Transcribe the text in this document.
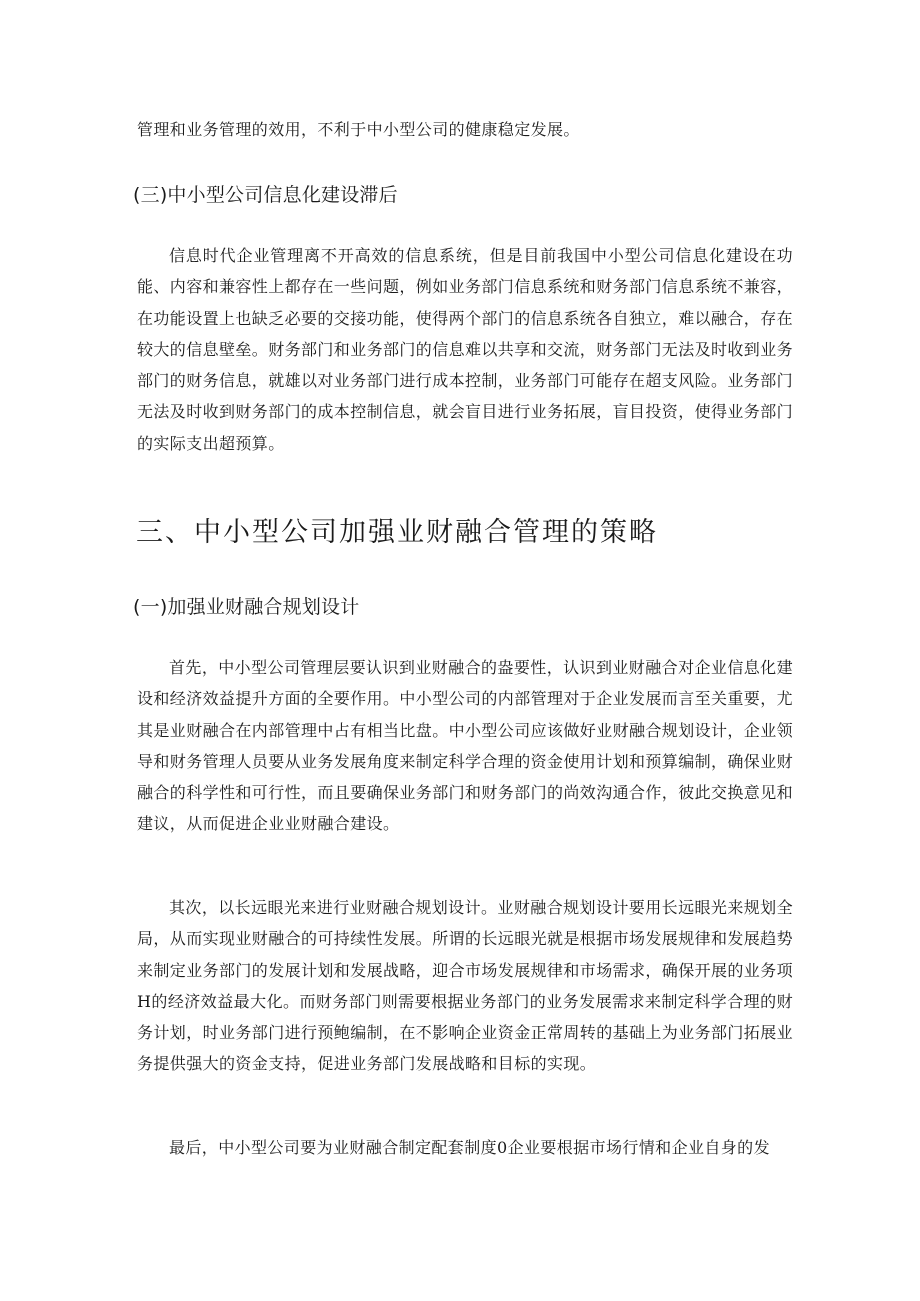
管理和业务管理的效用，不利于中小型公司的健康稳定发展。

(三)中小型公司信息化建设滞后

信息时代企业管理离不开高效的信息系统，但是目前我国中小型公司信息化建设在功能、内容和兼容性上都存在一些问题，例如业务部门信息系统和财务部门信息系统不兼容，在功能设置上也缺乏必要的交接功能，使得两个部门的信息系统各自独立，难以融合，存在较大的信息壁垒。财务部门和业务部门的信息难以共享和交流，财务部门无法及时收到业务部门的财务信息，就雄以对业务部门进行成本控制，业务部门可能存在超支风险。业务部门无法及时收到财务部门的成本控制信息，就会盲目进行业务拓展，盲目投资，使得业务部门的实际支出超预算。

三、中小型公司加强业财融合管理的策略
(一)加强业财融合规划设计

首先，中小型公司管理层要认识到业财融合的盎要性，认识到业财融合对企业信息化建设和经济效益提升方面的全要作用。中小型公司的内部管理对于企业发展而言至关重要，尤其是业财融合在内部管理中占有相当比盘。中小型公司应该做好业财融合规划设计，企业领导和财务管理人员要从业务发展角度来制定科学合理的资金使用计划和预算编制，确保业财融合的科学性和可行性，而且要确保业务部门和财务部门的尚效沟通合作，彼此交换意见和建议，从而促进企业业财融合建设。

其次，以长远眼光来进行业财融合规划设计。业财融合规划设计要用长远眼光来规划全局，从而实现业财融合的可持续性发展。所谓的长远眼光就是根据市场发展规律和发展趋势来制定业务部门的发展计划和发展战略，迎合市场发展规律和市场需求，确保开展的业务项H的经济效益最大化。而财务部门则需要根据业务部门的业务发展需求来制定科学合理的财务计划，时业务部门进行预鲍编制，在不影响企业资金正常周转的基础上为业务部门拓展业务提供强大的资金支持，促进业务部门发展战略和目标的实现。

最后，中小型公司要为业财融合制定配套制度0企业要根据市场行情和企业自身的发
